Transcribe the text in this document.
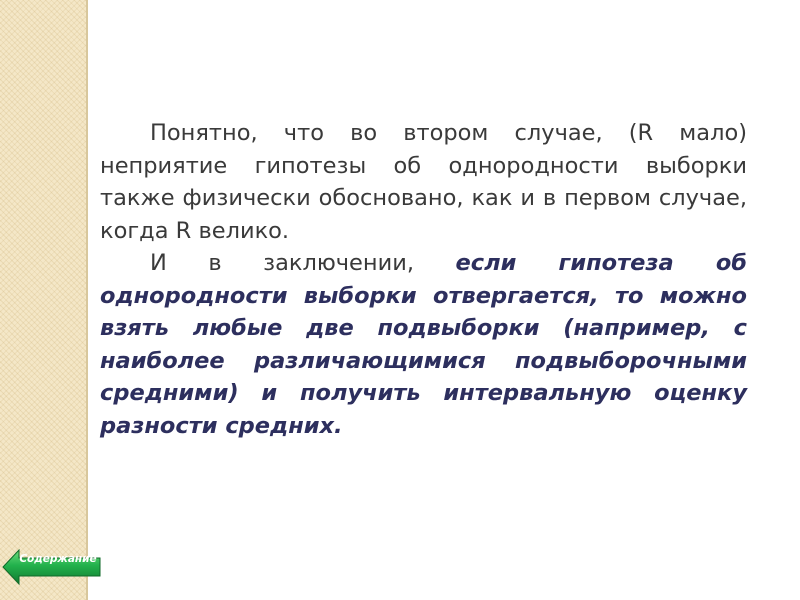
Понятно, что во втором случае, (R мало) неприятие гипотезы об однородности выборки также физически обосновано, как и в первом случае, когда R велико.

И в заключении, если гипотеза об однородности выборки отвергается, то можно взять любые две подвыборки (например, с наиболее различающимися подвыборочными средними) и получить интервальную оценку разности средних.

Содержание
